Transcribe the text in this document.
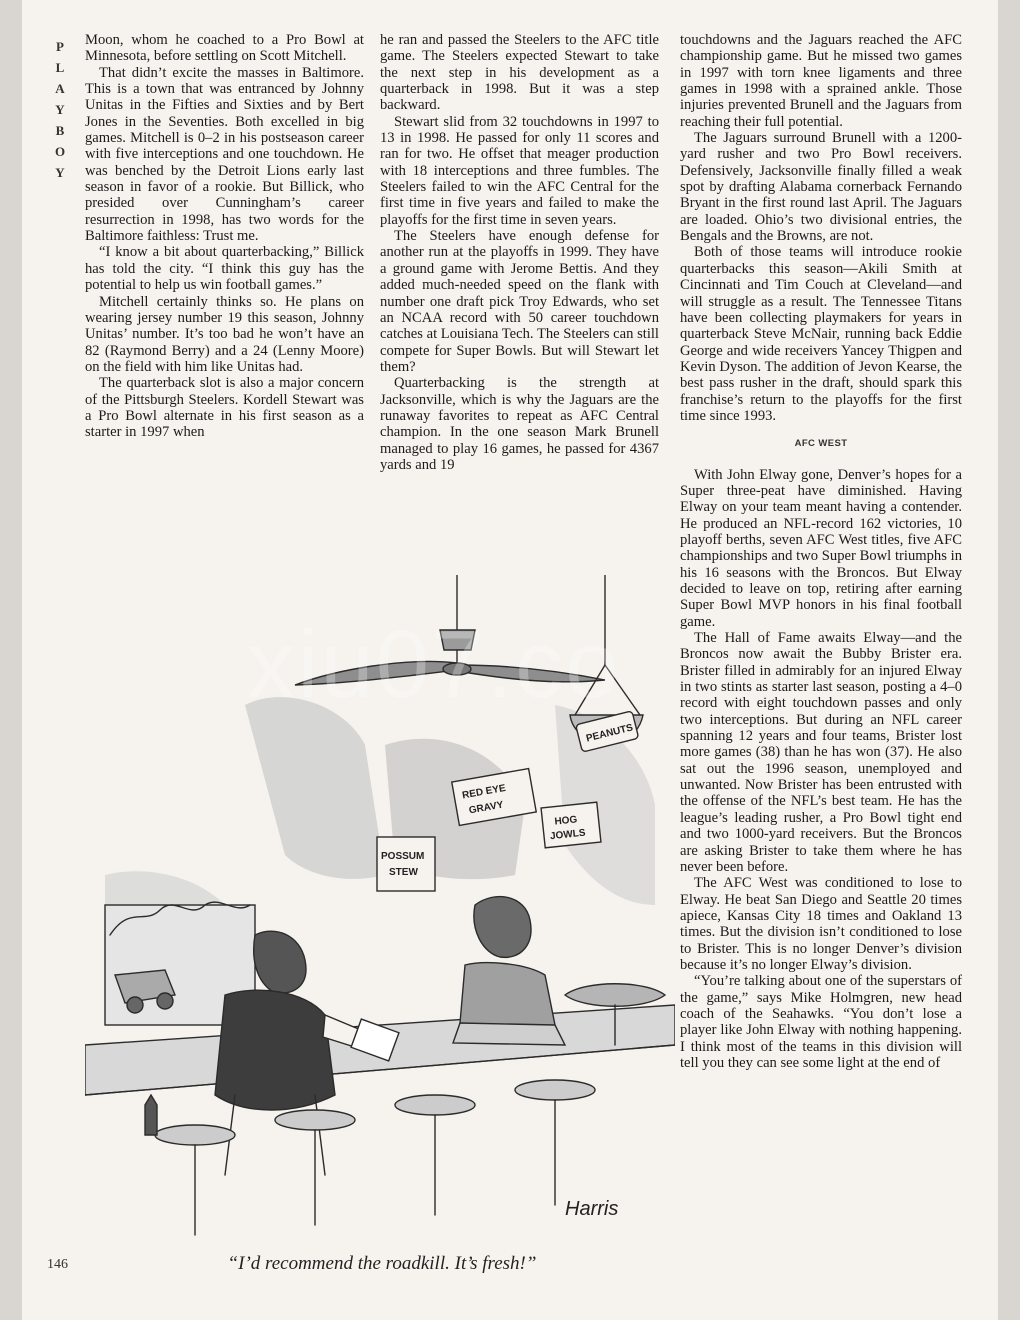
P
L
A
Y
B
O
Y

Moon, whom he coached to a Pro Bowl at Minnesota, before settling on Scott Mitchell.

That didn’t excite the masses in Baltimore. This is a town that was entranced by Johnny Unitas in the Fifties and Sixties and by Bert Jones in the Seventies. Both excelled in big games. Mitchell is 0–2 in his postseason career with five interceptions and one touchdown. He was benched by the Detroit Lions early last season in favor of a rookie. But Billick, who presided over Cunningham’s career resurrection in 1998, has two words for the Baltimore faithless: Trust me.

“I know a bit about quarterbacking,” Billick has told the city. “I think this guy has the potential to help us win football games.”

Mitchell certainly thinks so. He plans on wearing jersey number 19 this season, Johnny Unitas’ number. It’s too bad he won’t have an 82 (Raymond Berry) and a 24 (Lenny Moore) on the field with him like Unitas had.

The quarterback slot is also a major concern of the Pittsburgh Steelers. Kordell Stewart was a Pro Bowl alternate in his first season as a starter in 1997 when

he ran and passed the Steelers to the AFC title game. The Steelers expected Stewart to take the next step in his development as a quarterback in 1998. But it was a step backward.

Stewart slid from 32 touchdowns in 1997 to 13 in 1998. He passed for only 11 scores and ran for two. He offset that meager production with 18 interceptions and three fumbles. The Steelers failed to win the AFC Central for the first time in five years and failed to make the playoffs for the first time in seven years.

The Steelers have enough defense for another run at the playoffs in 1999. They have a ground game with Jerome Bettis. And they added much-needed speed on the flank with number one draft pick Troy Edwards, who set an NCAA record with 50 career touchdown catches at Louisiana Tech. The Steelers can still compete for Super Bowls. But will Stewart let them?

Quarterbacking is the strength at Jacksonville, which is why the Jaguars are the runaway favorites to repeat as AFC Central champion. In the one season Mark Brunell managed to play 16 games, he passed for 4367 yards and 19

touchdowns and the Jaguars reached the AFC championship game. But he missed two games in 1997 with torn knee ligaments and three games in 1998 with a sprained ankle. Those injuries prevented Brunell and the Jaguars from reaching their full potential.

The Jaguars surround Brunell with a 1200-yard rusher and two Pro Bowl receivers. Defensively, Jacksonville finally filled a weak spot by drafting Alabama cornerback Fernando Bryant in the first round last April. The Jaguars are loaded. Ohio’s two divisional entries, the Bengals and the Browns, are not.

Both of those teams will introduce rookie quarterbacks this season—Akili Smith at Cincinnati and Tim Couch at Cleveland—and will struggle as a result. The Tennessee Titans have been collecting playmakers for years in quarterback Steve McNair, running back Eddie George and wide receivers Yancey Thigpen and Kevin Dyson. The addition of Jevon Kearse, the best pass rusher in the draft, should spark this franchise’s return to the playoffs for the first time since 1993.

AFC WEST

With John Elway gone, Denver’s hopes for a Super three-peat have diminished. Having Elway on your team meant having a contender. He produced an NFL-record 162 victories, 10 playoff berths, seven AFC West titles, five AFC championships and two Super Bowl triumphs in his 16 seasons with the Broncos. But Elway decided to leave on top, retiring after earning Super Bowl MVP honors in his final football game.

The Hall of Fame awaits Elway—and the Broncos now await the Bubby Brister era. Brister filled in admirably for an injured Elway in two stints as starter last season, posting a 4–0 record with eight touchdown passes and only two interceptions. But during an NFL career spanning 12 years and four teams, Brister lost more games (38) than he has won (37). He also sat out the 1996 season, unemployed and unwanted. Now Brister has been entrusted with the offense of the NFL’s best team. He has the league’s leading rusher, a Pro Bowl tight end and two 1000-yard receivers. But the Broncos are asking Brister to take them where he has never been before.

The AFC West was conditioned to lose to Elway. He beat San Diego and Seattle 20 times apiece, Kansas City 18 times and Oakland 13 times. But the division isn’t conditioned to lose to Brister. This is no longer Denver’s division because it’s no longer Elway’s division.

“You’re talking about one of the superstars of the game,” says Mike Holmgren, new head coach of the Seahawks. “You don’t lose a player like John Elway with nothing happening. I think most of the teams in this division will tell you they can see some light at the end of

PEANUTS
RED EYE
GRAVY
HOG
JOWLS
POSSUM
STEW
Harris
xiu07.co
“I’d recommend the roadkill. It’s fresh!”
146
